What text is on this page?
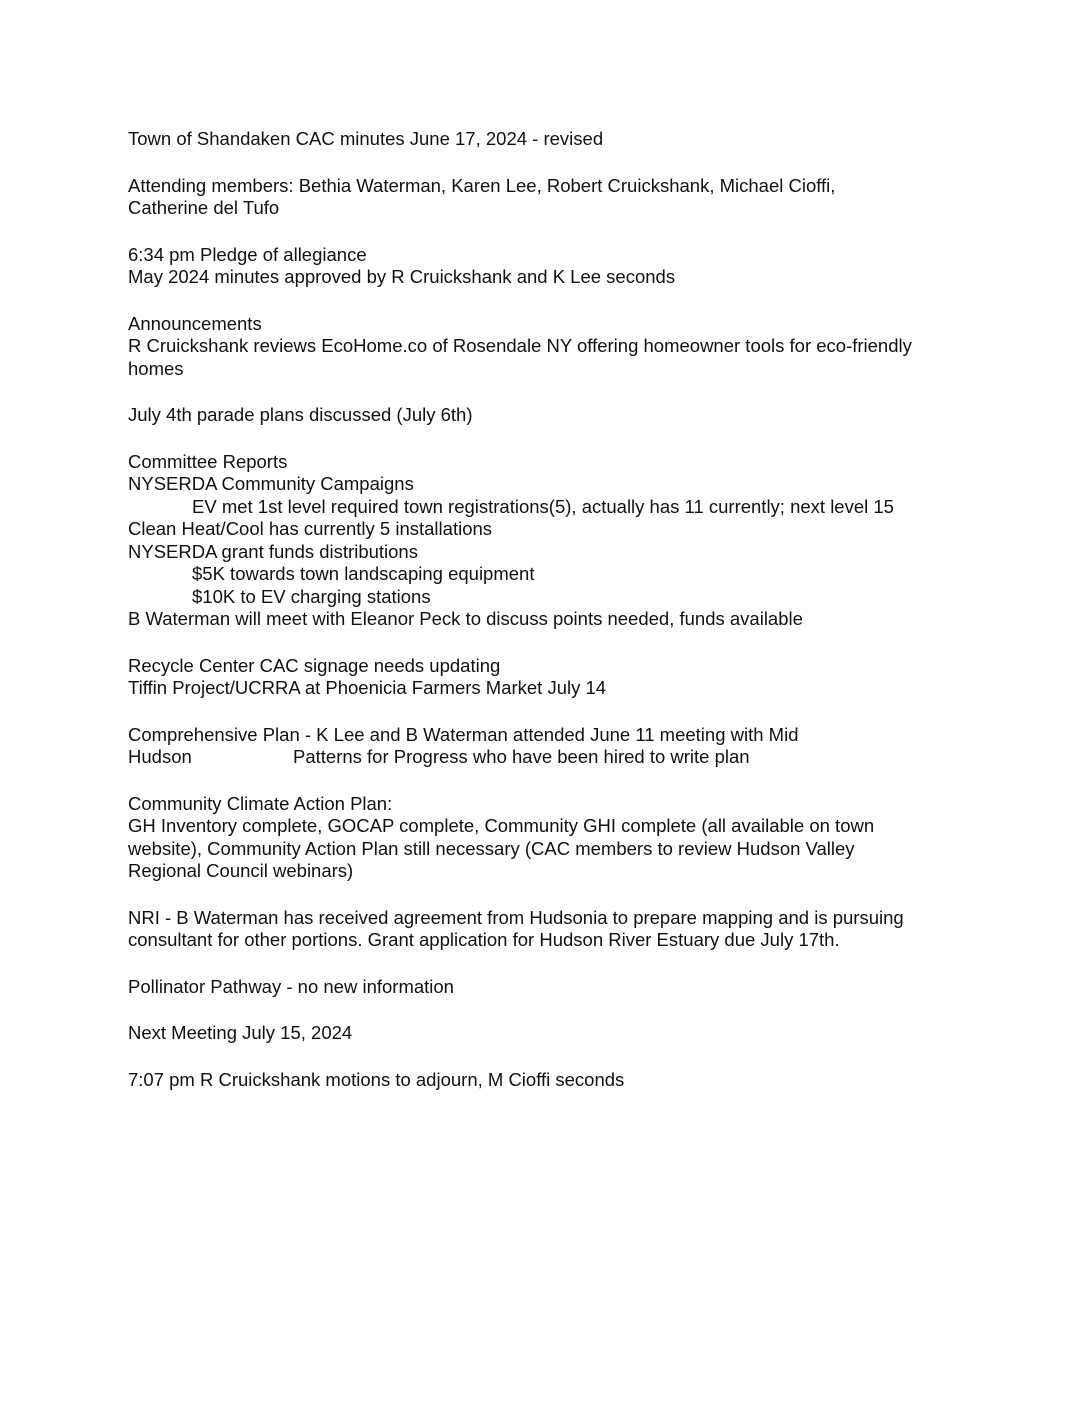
Town of Shandaken CAC minutes June 17, 2024 - revised

Attending members: Bethia Waterman, Karen Lee, Robert Cruickshank, Michael Cioffi,

Catherine del Tufo

6:34 pm Pledge of allegiance

May 2024 minutes approved by R Cruickshank and K Lee seconds

Announcements

R Cruickshank reviews EcoHome.co of Rosendale NY offering homeowner tools for eco-friendly

homes

July 4th parade plans discussed (July 6th)

Committee Reports

NYSERDA Community Campaigns

EV met 1st level required town registrations(5), actually has 11 currently; next level 15

Clean Heat/Cool has currently 5 installations

NYSERDA grant funds distributions

$5K towards town landscaping equipment

$10K to EV charging stations

B Waterman will meet with Eleanor Peck to discuss points needed, funds available

Recycle Center CAC signage needs updating

Tiffin Project/UCRRA at Phoenicia Farmers Market July 14

Comprehensive Plan - K Lee and B Waterman attended June 11 meeting with Mid

Hudson	Patterns for Progress who have been hired to write plan

Community Climate Action Plan:

GH Inventory complete, GOCAP complete, Community GHI complete (all available on town

website), Community Action Plan still necessary (CAC members to review Hudson Valley

Regional Council webinars)

NRI - B Waterman has received agreement from Hudsonia to prepare mapping and is pursuing

consultant for other portions. Grant application for Hudson River Estuary due July 17th.

Pollinator Pathway - no new information

Next Meeting July 15, 2024

7:07 pm R Cruickshank motions to adjourn, M Cioffi seconds
